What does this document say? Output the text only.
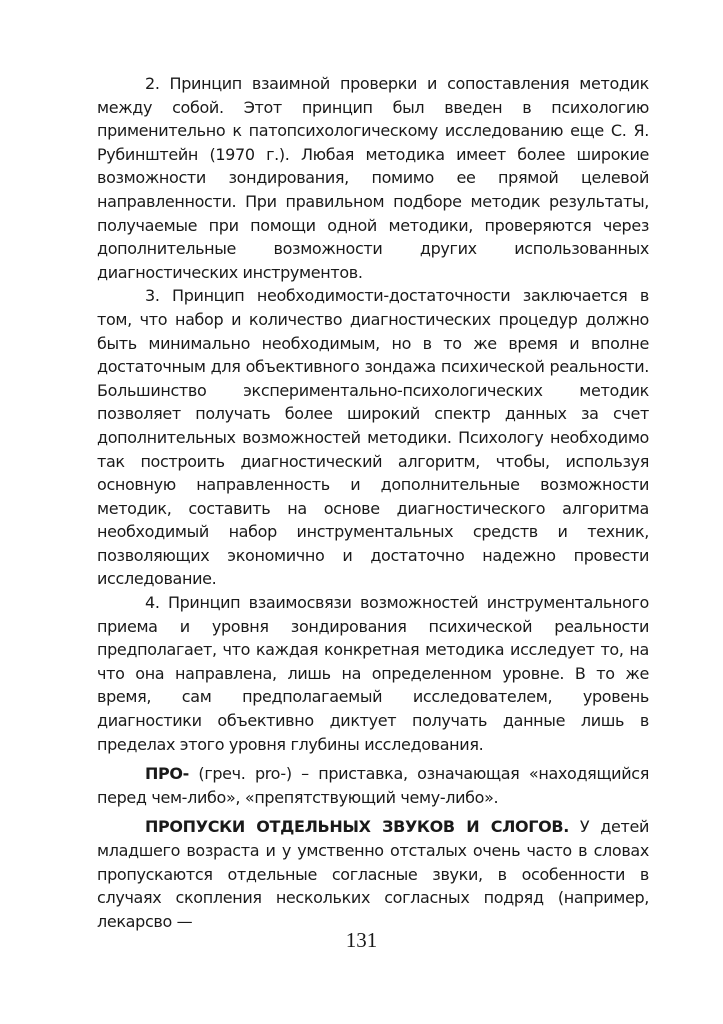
2. Принцип взаимной проверки и сопоставления методик между собой. Этот принцип был введен в психологию применительно к патопсихологическому исследованию еще С. Я. Рубинштейн (1970 г.). Любая методика имеет более широкие возможности зондирования, помимо ее прямой целевой направленности. При правильном подборе методик результаты, получаемые при помощи одной методики, проверяются через дополнительные возможности других использованных диагностических инструментов.

3. Принцип необходимости-достаточности заключается в том, что набор и количество диагностических процедур должно быть минимально необходимым, но в то же время и вполне достаточным для объективного зондажа психической реальности. Большинство экспериментально-психологических методик позволяет получать более широкий спектр данных за счет дополнительных возможностей методики. Психологу необходимо так построить диагностический алгоритм, чтобы, используя основную направленность и дополнительные возможности методик, составить на основе диагностического алгоритма необходимый набор инструментальных средств и техник, позволяющих экономично и достаточно надежно провести исследование.

4. Принцип взаимосвязи возможностей инструментального приема и уровня зондирования психической реальности предполагает, что каждая конкретная методика исследует то, на что она направлена, лишь на определенном уровне. В то же время, сам предполагаемый исследователем, уровень диагностики объективно диктует получать данные лишь в пределах этого уровня глубины исследования.

ПРО- (греч. pro-) – приставка, означающая «находящийся перед чем-либо», «препятствующий чему-либо».

ПРОПУСКИ ОТДЕЛЬНЫХ ЗВУКОВ И СЛОГОВ. У детей младшего возраста и у умственно отсталых очень часто в словах пропускаются отдельные согласные звуки, в особенности в случаях скопления нескольких согласных подряд (например, лекарсво —

131
